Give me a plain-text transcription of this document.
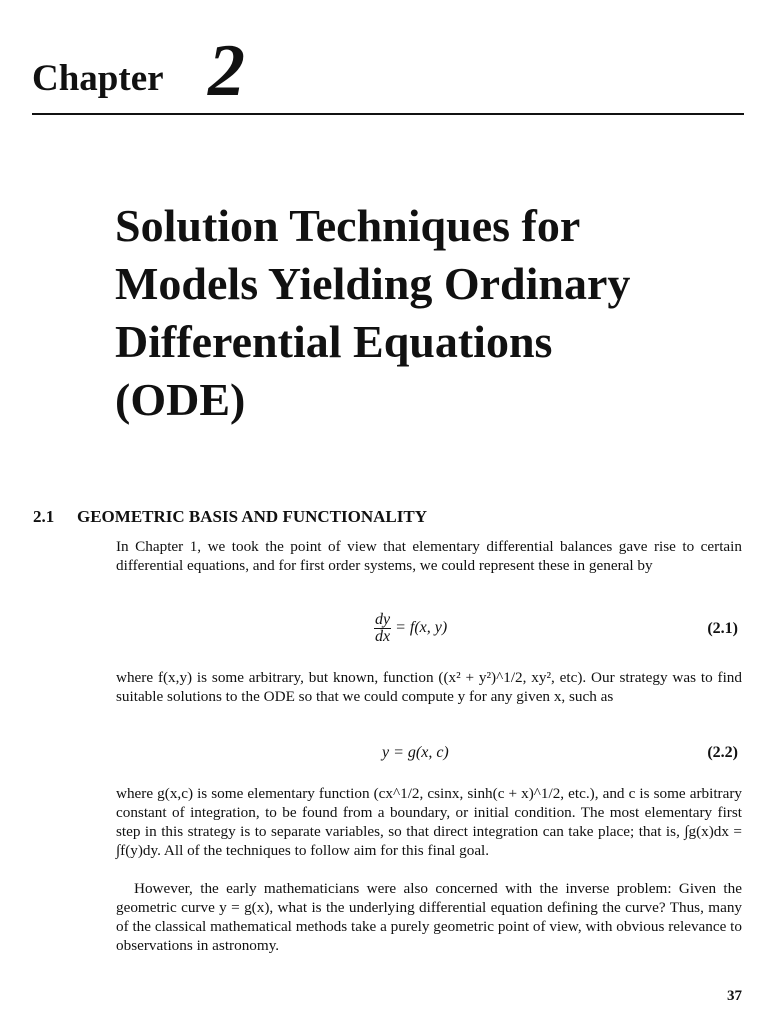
Chapter 2
Solution Techniques for
Models Yielding Ordinary
Differential Equations
(ODE)
2.1 GEOMETRIC BASIS AND FUNCTIONALITY

In Chapter 1, we took the point of view that elementary differential balances gave rise to certain differential equations, and for first order systems, we could represent these in general by

$\frac{dy}{dx} = f(x$, y)	(2.1)

where f(x,y) is some arbitrary, but known, function ((x² + y²)^1/2, xy², etc). Our strategy was to find suitable solutions to the ODE so that we could compute y for any given x, such as

y = g(x, c)	(2.2)

where g(x,c) is some elementary function (cx^1/2, csinx, sinh(c + x)^1/2, etc.), and c is some arbitrary constant of integration, to be found from a boundary, or initial condition. The most elementary first step in this strategy is to separate variables, so that direct integration can take place; that is, ∫g(x)dx = ∫f(y)dy. All of the techniques to follow aim for this final goal.

However, the early mathematicians were also concerned with the inverse problem: Given the geometric curve y = g(x), what is the underlying differential equation defining the curve? Thus, many of the classical mathematical methods take a purely geometric point of view, with obvious relevance to observations in astronomy.

37
